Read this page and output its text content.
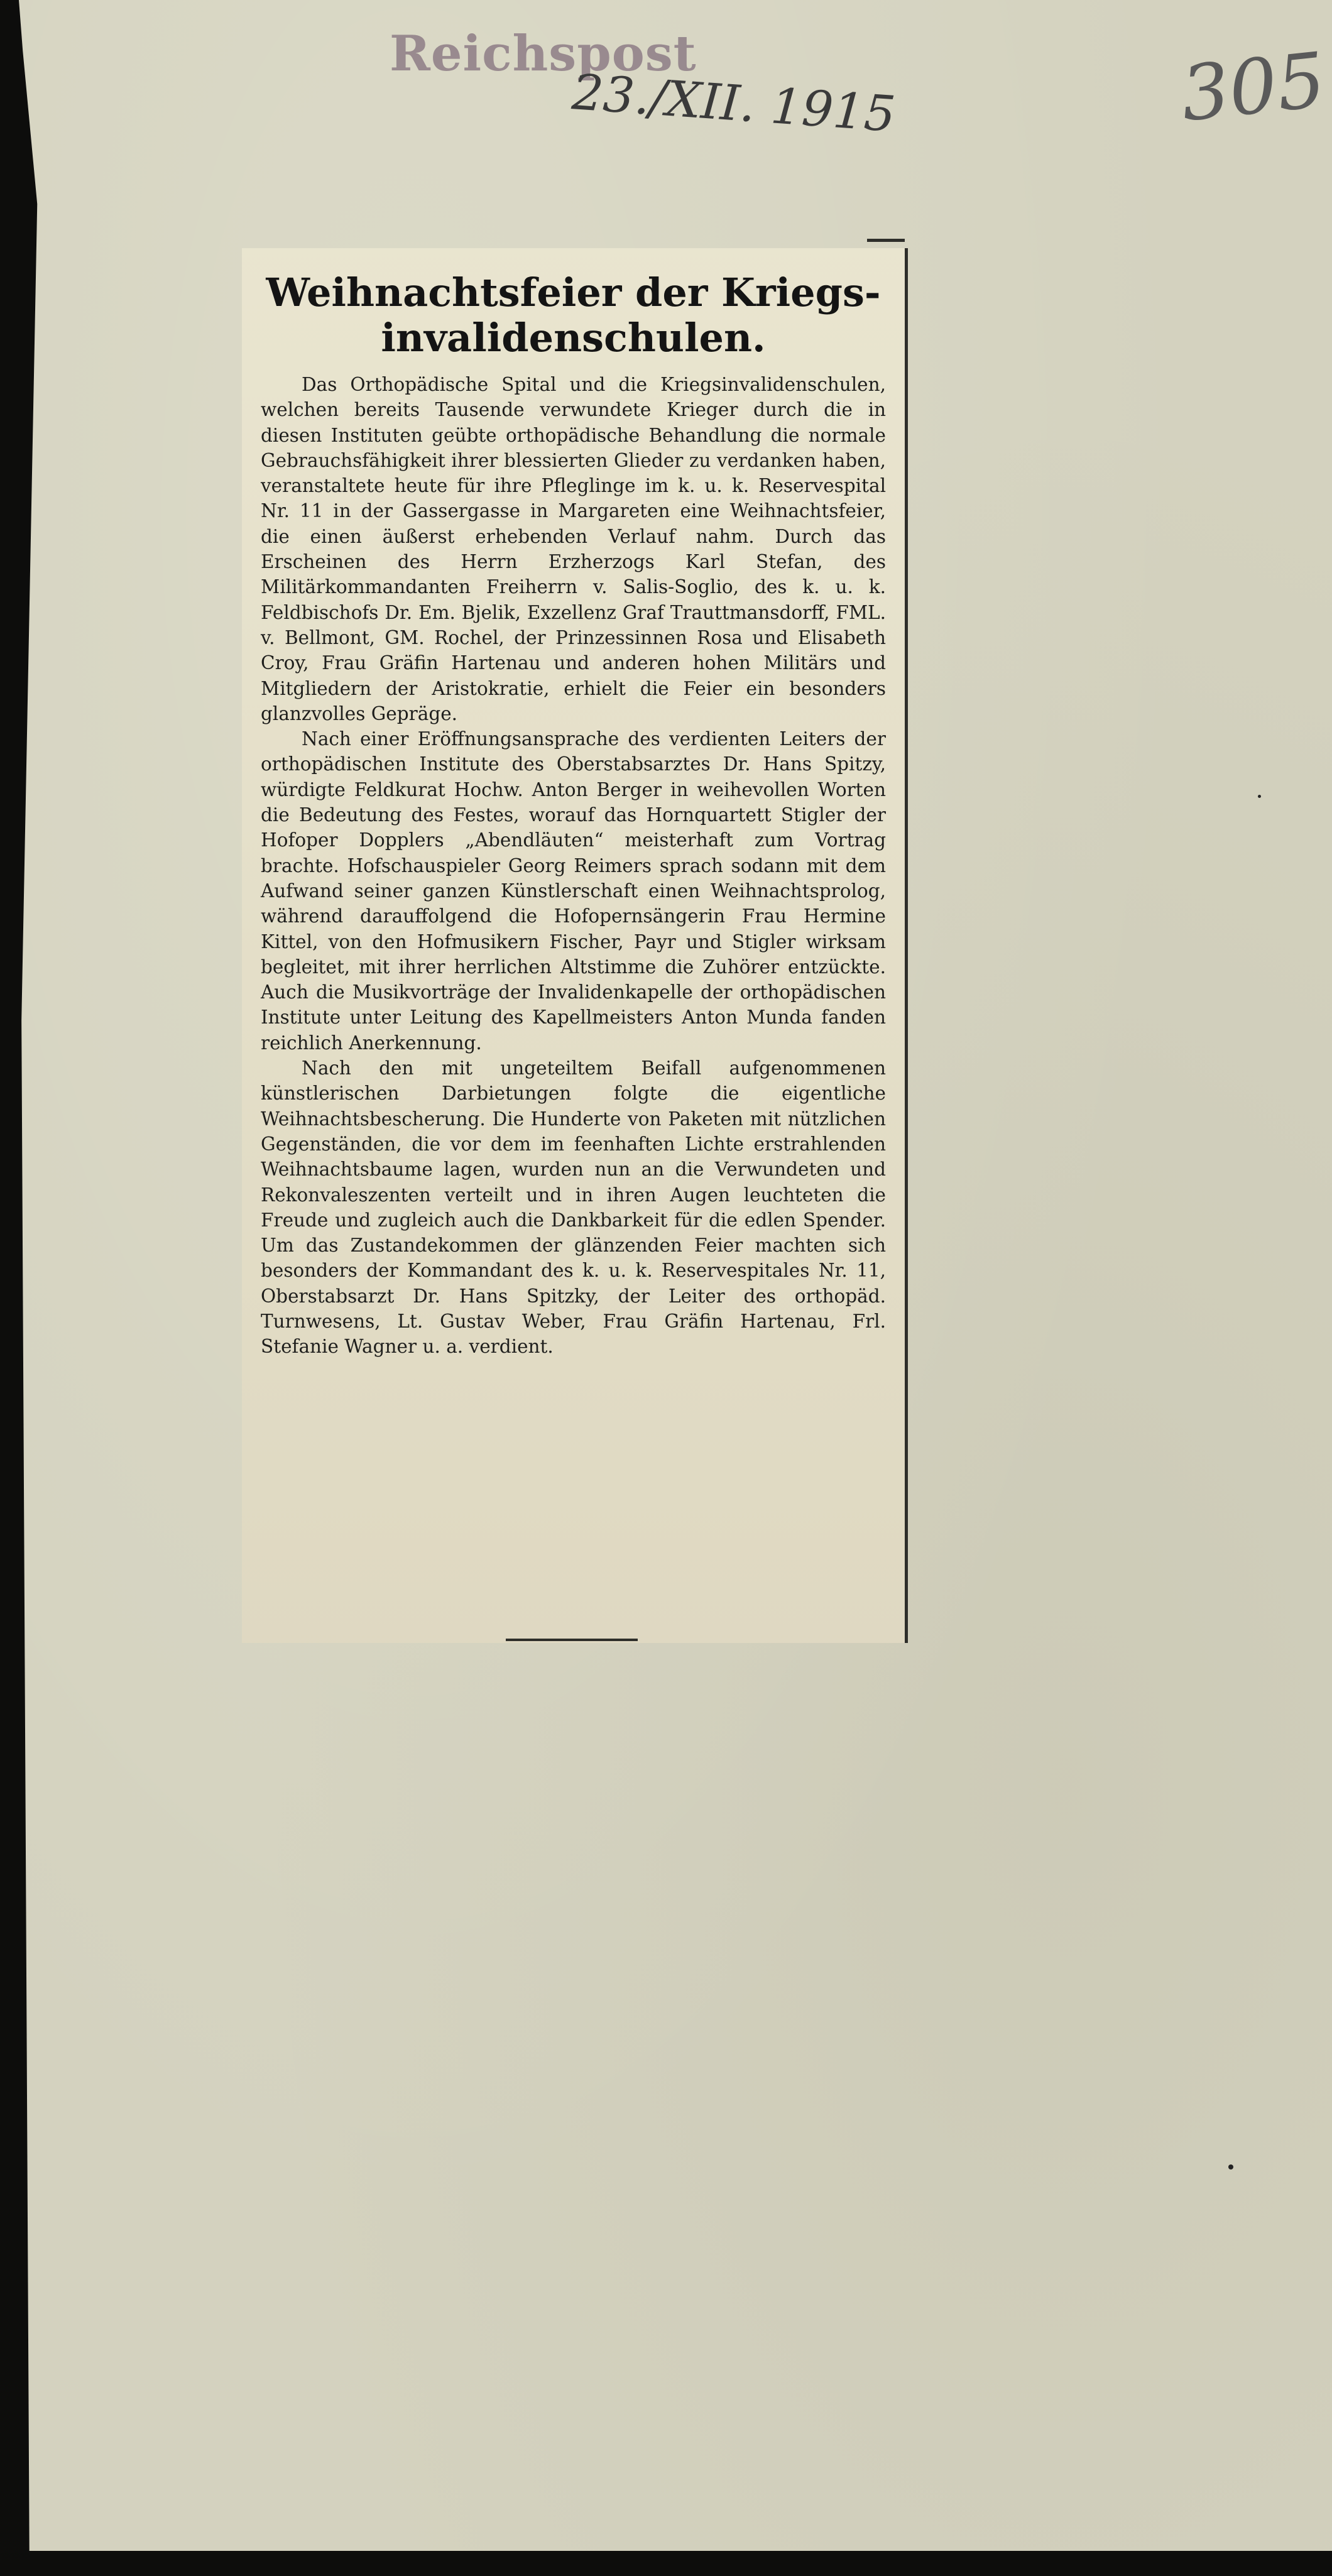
Reichspost
23./XII. 1915	305
Weihnachtsfeier der Kriegs-
invalidenschulen.

Das Orthopädische Spital und die Kriegsinvalidenschulen, welchen bereits Tausende verwundete Krieger durch die in diesen Instituten geübte orthopädische Behandlung die normale Gebrauchsfähigkeit ihrer blessierten Glieder zu verdanken haben, veranstaltete heute für ihre Pfleglinge im k. u. k. Reservespital Nr. 11 in der Gassergasse in Margareten eine Weihnachtsfeier, die einen äußerst erhebenden Verlauf nahm. Durch das Erscheinen des Herrn Erzherzogs Karl Stefan, des Militärkommandanten Freiherrn v. Salis-Soglio, des k. u. k. Feldbischofs Dr. Em. Bjelik, Exzellenz Graf Trauttmansdorff, FML. v. Bellmont, GM. Rochel, der Prinzessinnen Rosa und Elisabeth Croy, Frau Gräfin Hartenau und anderen hohen Militärs und Mitgliedern der Aristokratie, erhielt die Feier ein besonders glanzvolles Gepräge.

Nach einer Eröffnungsansprache des verdienten Leiters der orthopädischen Institute des Oberstabsarztes Dr. Hans Spitzy, würdigte Feldkurat Hochw. Anton Berger in weihevollen Worten die Bedeutung des Festes, worauf das Hornquartett Stigler der Hofoper Dopplers „Abendläuten“ meisterhaft zum Vortrag brachte. Hofschauspieler Georg Reimers sprach sodann mit dem Aufwand seiner ganzen Künstlerschaft einen Weihnachtsprolog, während darauffolgend die Hofopernsängerin Frau Hermine Kittel, von den Hofmusikern Fischer, Payr und Stigler wirksam begleitet, mit ihrer herrlichen Altstimme die Zuhörer entzückte. Auch die Musikvorträge der Invalidenkapelle der orthopädischen Institute unter Leitung des Kapellmeisters Anton Munda fanden reichlich Anerkennung.

Nach den mit ungeteiltem Beifall aufgenommenen künstlerischen Darbietungen folgte die eigentliche Weihnachtsbescherung. Die Hunderte von Paketen mit nützlichen Gegenständen, die vor dem im feenhaften Lichte erstrahlenden Weihnachtsbaume lagen, wurden nun an die Verwundeten und Rekonvaleszenten verteilt und in ihren Augen leuchteten die Freude und zugleich auch die Dankbarkeit für die edlen Spender. Um das Zustandekommen der glänzenden Feier machten sich besonders der Kommandant des k. u. k. Reservespitales Nr. 11, Oberstabsarzt Dr. Hans Spitzky, der Leiter des orthopäd. Turnwesens, Lt. Gustav Weber, Frau Gräfin Hartenau, Frl. Stefanie Wagner u. a. verdient.
